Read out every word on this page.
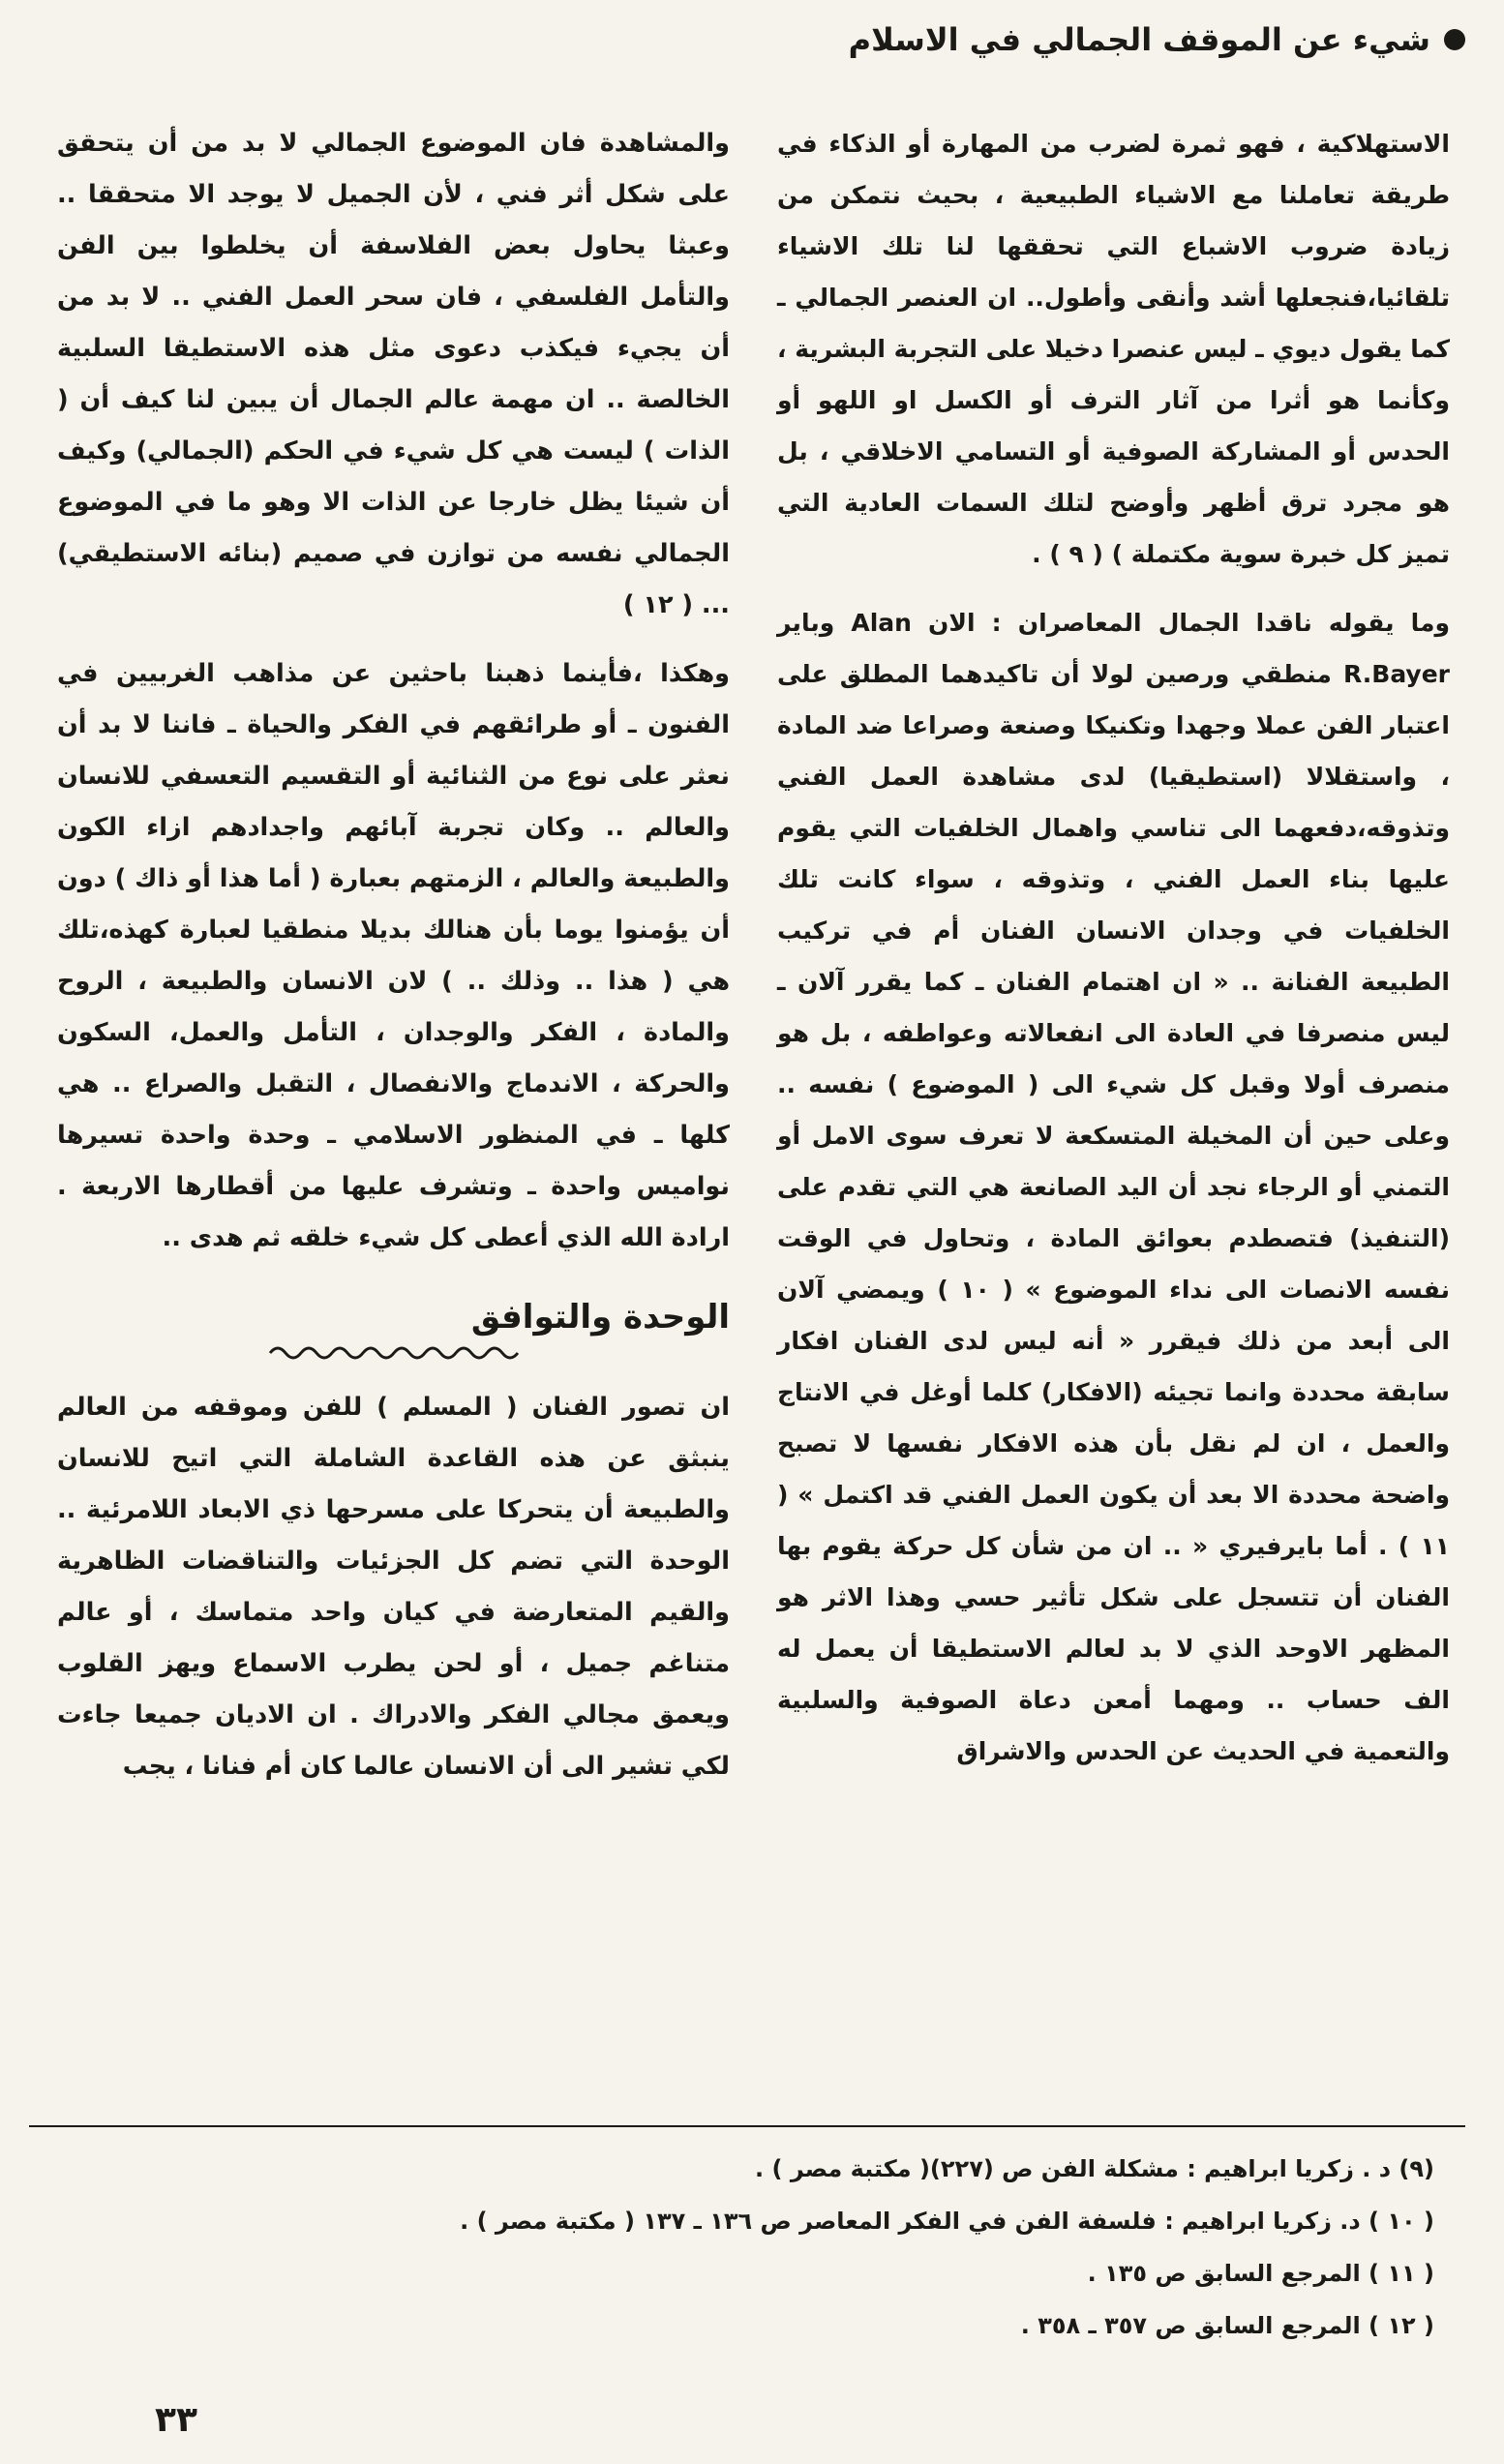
شيء عن الموقف الجمالي في الاسلام

الاستهلاكية ، فهو ثمرة لضرب من المهارة أو الذكاء في طريقة تعاملنا مع الاشياء الطبيعية ، بحيث نتمكن من زيادة ضروب الاشباع التي تحققها لنا تلك الاشياء تلقائيا،فنجعلها أشد وأنقى وأطول.. ان العنصر الجمالي ـ كما يقول ديوي ـ ليس عنصرا دخيلا على التجربة البشرية ، وكأنما هو أثرا من آثار الترف أو الكسل او اللهو أو الحدس أو المشاركة الصوفية أو التسامي الاخلاقي ، بل هو مجرد ترق أظهر وأوضح لتلك السمات العادية التي تميز كل خبرة سوية مكتملة ) ( ٩ ) .

وما يقوله ناقدا الجمال المعاصران : الان Alan وباير R.Bayer منطقي ورصين لولا أن تاكيدهما المطلق على اعتبار الفن عملا وجهدا وتكنيكا وصنعة وصراعا ضد المادة ، واستقلالا (استطيقيا) لدى مشاهدة العمل الفني وتذوقه،دفعهما الى تناسي واهمال الخلفيات التي يقوم عليها بناء العمل الفني ، وتذوقه ، سواء كانت تلك الخلفيات في وجدان الانسان الفنان أم في تركيب الطبيعة الفنانة .. « ان اهتمام الفنان ـ كما يقرر آلان ـ ليس منصرفا في العادة الى انفعالاته وعواطفه ، بل هو منصرف أولا وقبل كل شيء الى ( الموضوع ) نفسه .. وعلى حين أن المخيلة المتسكعة لا تعرف سوى الامل أو التمني أو الرجاء نجد أن اليد الصانعة هي التي تقدم على (التنفيذ) فتصطدم بعوائق المادة ، وتحاول في الوقت نفسه الانصات الى نداء الموضوع » ( ١٠ ) ويمضي آلان الى أبعد من ذلك فيقرر « أنه ليس لدى الفنان افكار سابقة محددة وانما تجيئه (الافكار) كلما أوغل في الانتاج والعمل ، ان لم نقل بأن هذه الافكار نفسها لا تصبح واضحة محددة الا بعد أن يكون العمل الفني قد اكتمل » ( ١١ ) . أما بايرفيري « .. ان من شأن كل حركة يقوم بها الفنان أن تتسجل على شكل تأثير حسي وهذا الاثر هو المظهر الاوحد الذي لا بد لعالم الاستطيقا أن يعمل له الف حساب .. ومهما أمعن دعاة الصوفية والسلبية والتعمية في الحديث عن الحدس والاشراق

والمشاهدة فان الموضوع الجمالي لا بد من أن يتحقق على شكل أثر فني ، لأن الجميل لا يوجد الا متحققا .. وعبثا يحاول بعض الفلاسفة أن يخلطوا بين الفن والتأمل الفلسفي ، فان سحر العمل الفني .. لا بد من أن يجيء فيكذب دعوى مثل هذه الاستطيقا السلبية الخالصة .. ان مهمة عالم الجمال أن يبين لنا كيف أن ( الذات ) ليست هي كل شيء في الحكم (الجمالي) وكيف أن شيئا يظل خارجا عن الذات الا وهو ما في الموضوع الجمالي نفسه من توازن في صميم (بنائه الاستطيقي) ... ( ١٢ )

وهكذا ،فأينما ذهبنا باحثين عن مذاهب الغربيين في الفنون ـ أو طرائقهم في الفكر والحياة ـ فاننا لا بد أن نعثر على نوع من الثنائية أو التقسيم التعسفي للانسان والعالم .. وكان تجربة آبائهم واجدادهم ازاء الكون والطبيعة والعالم ، الزمتهم بعبارة ( أما هذا أو ذاك ) دون أن يؤمنوا يوما بأن هنالك بديلا منطقيا لعبارة كهذه،تلك هي ( هذا .. وذلك .. ) لان الانسان والطبيعة ، الروح والمادة ، الفكر والوجدان ، التأمل والعمل، السكون والحركة ، الاندماج والانفصال ، التقبل والصراع .. هي كلها ـ في المنظور الاسلامي ـ وحدة واحدة تسيرها نواميس واحدة ـ وتشرف عليها من أقطارها الاربعة . ارادة الله الذي أعطى كل شيء خلقه ثم هدى ..

الوحدة والتوافق

ان تصور الفنان ( المسلم ) للفن وموقفه من العالم ينبثق عن هذه القاعدة الشاملة التي اتيح للانسان والطبيعة أن يتحركا على مسرحها ذي الابعاد اللامرئية .. الوحدة التي تضم كل الجزئيات والتناقضات الظاهرية والقيم المتعارضة في كيان واحد متماسك ، أو عالم متناغم جميل ، أو لحن يطرب الاسماع ويهز القلوب ويعمق مجالي الفكر والادراك . ان الاديان جميعا جاءت لكي تشير الى أن الانسان عالما كان أم فنانا ، يجب

(٩) د . زكريا ابراهيم : مشكلة الفن ص (٢٢٧)( مكتبة مصر ) .
( ١٠ ) د. زكريا ابراهيم : فلسفة الفن في الفكر المعاصر ص ١٣٦ ـ ١٣٧ ( مكتبة مصر ) .
( ١١ ) المرجع السابق ص ١٣٥ .
( ١٢ ) المرجع السابق ص ٣٥٧ ـ ٣٥٨ .
٣٣
